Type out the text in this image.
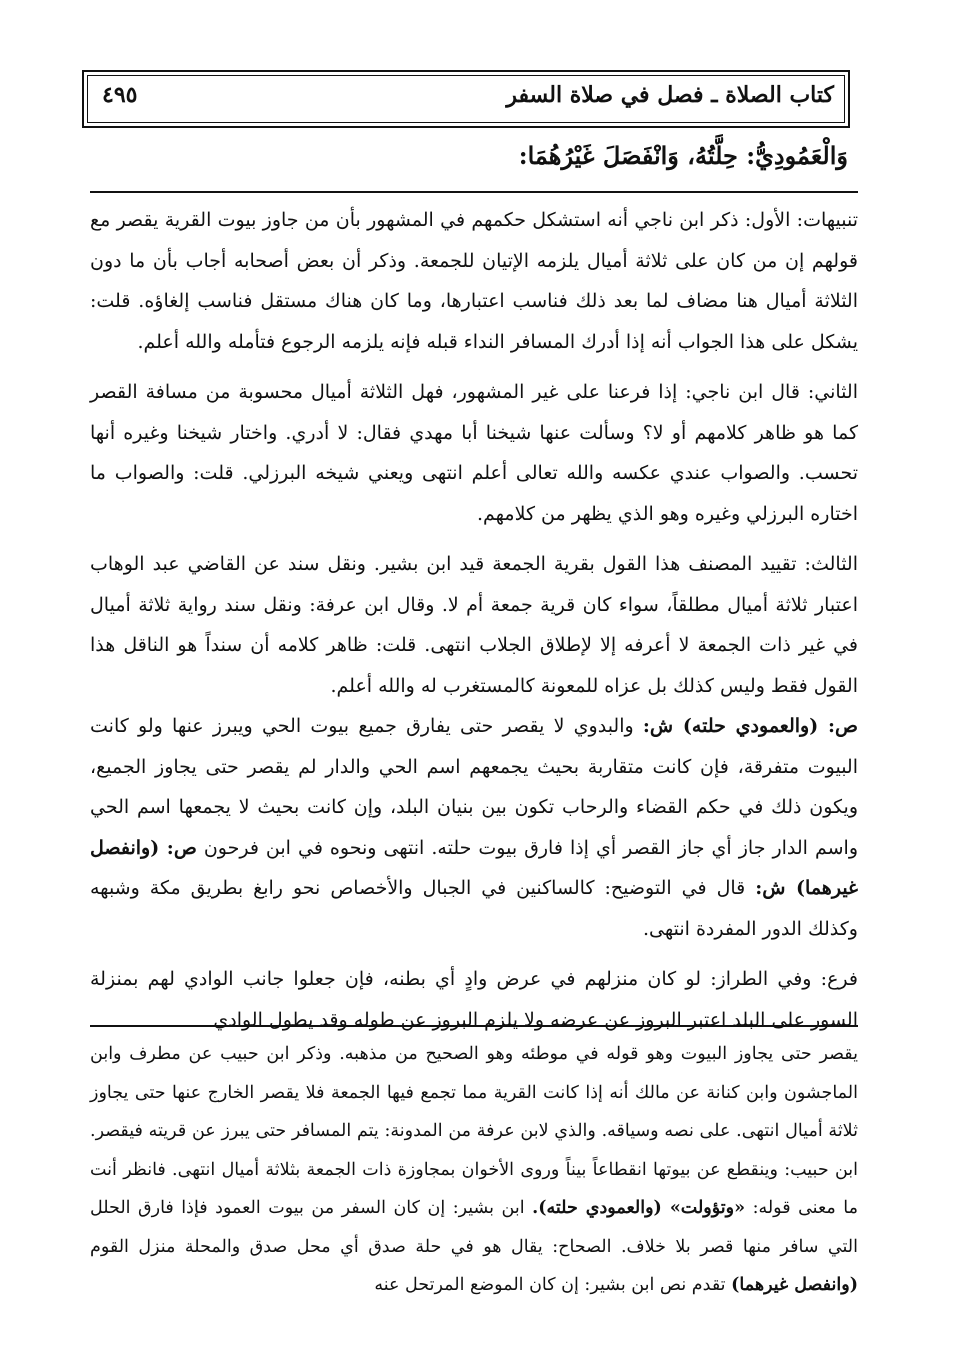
كتاب الصلاة ـ فصل في صلاة السفر
٤٩٥
وَالْعَمُودِيُّ: حِلَّتُهُ، وَانْفَصَلَ غَيْرُهُمَا:

تنبيهات: الأول: ذكر ابن ناجي أنه استشكل حكمهم في المشهور بأن من جاوز بيوت القرية يقصر مع قولهم إن من كان على ثلاثة أميال يلزمه الإتيان للجمعة. وذكر أن بعض أصحابه أجاب بأن ما دون الثلاثة أميال هنا مضاف لما بعد ذلك فناسب اعتبارها، وما كان هناك مستقل فناسب إلغاؤه. قلت: يشكل على هذا الجواب أنه إذا أدرك المسافر النداء قبله فإنه يلزمه الرجوع فتأمله والله أعلم.

الثاني: قال ابن ناجي: إذا فرعنا على غير المشهور، فهل الثلاثة أميال محسوبة من مسافة القصر كما هو ظاهر كلامهم أو لا؟ وسألت عنها شيخنا أبا مهدي فقال: لا أدري. واختار شيخنا وغيره أنها تحسب. والصواب عندي عكسه والله تعالى أعلم انتهى ويعني شيخه البرزلي. قلت: والصواب ما اختاره البرزلي وغيره وهو الذي يظهر من كلامهم.

الثالث: تقييد المصنف هذا القول بقرية الجمعة قيد ابن بشير. ونقل سند عن القاضي عبد الوهاب اعتبار ثلاثة أميال مطلقاً، سواء كان قرية جمعة أم لا. وقال ابن عرفة: ونقل سند رواية ثلاثة أميال في غير ذات الجمعة لا أعرفه إلا لإطلاق الجلاب انتهى. قلت: ظاهر كلامه أن سنداً هو الناقل هذا القول فقط وليس كذلك بل عزاه للمعونة كالمستغرب له والله أعلم.

ص: (والعمودي حلته) ش: والبدوي لا يقصر حتى يفارق جميع بيوت الحي ويبرز عنها ولو كانت البيوت متفرقة، فإن كانت متقاربة بحيث يجمعهم اسم الحي والدار لم يقصر حتى يجاوز الجميع، ويكون ذلك في حكم القضاء والرحاب تكون بين بنيان البلد، وإن كانت بحيث لا يجمعها اسم الحي واسم الدار جاز أي جاز القصر أي إذا فارق بيوت حلته. انتهى ونحوه في ابن فرحون ص: (وانفصل غيرهما) ش: قال في التوضيح: كالساكنين في الجبال والأخصاص نحو رابغ بطريق مكة وشبهه وكذلك الدور المفردة انتهى.

فرع: وفي الطراز: لو كان منزلهم في عرض وادٍ أي بطنه، فإن جعلوا جانب الوادي لهم بمنزلة السور على البلد اعتبر البروز عن عرضه ولا يلزم البروز عن طوله وقد يطول الوادي

يقصر حتى يجاوز البيوت وهو قوله في موطئه وهو الصحيح من مذهبه. وذكر ابن حبيب عن مطرف وابن الماجشون وابن كنانة عن مالك أنه إذا كانت القرية مما تجمع فيها الجمعة فلا يقصر الخارج عنها حتى يجاوز ثلاثة أميال انتهى. على نصه وسياقه. والذي لابن عرفة من المدونة: يتم المسافر حتى يبرز عن قريته فيقصر. ابن حبيب: وينقطع عن بيوتها انقطاعاً بيناً وروى الأخوان بمجاوزة ذات الجمعة بثلاثة أميال انتهى. فانظر أنت ما معنى قوله: «وتؤولت» (والعمودي حلته). ابن بشير: إن كان السفر من بيوت العمود فإذا فارق الحلل التي سافر منها قصر بلا خلاف. الصحاح: يقال هو في حلة صدق أي محل صدق والمحلة منزل القوم (وانفصل غيرهما) تقدم نص ابن بشير: إن كان الموضع المرتحل عنه
